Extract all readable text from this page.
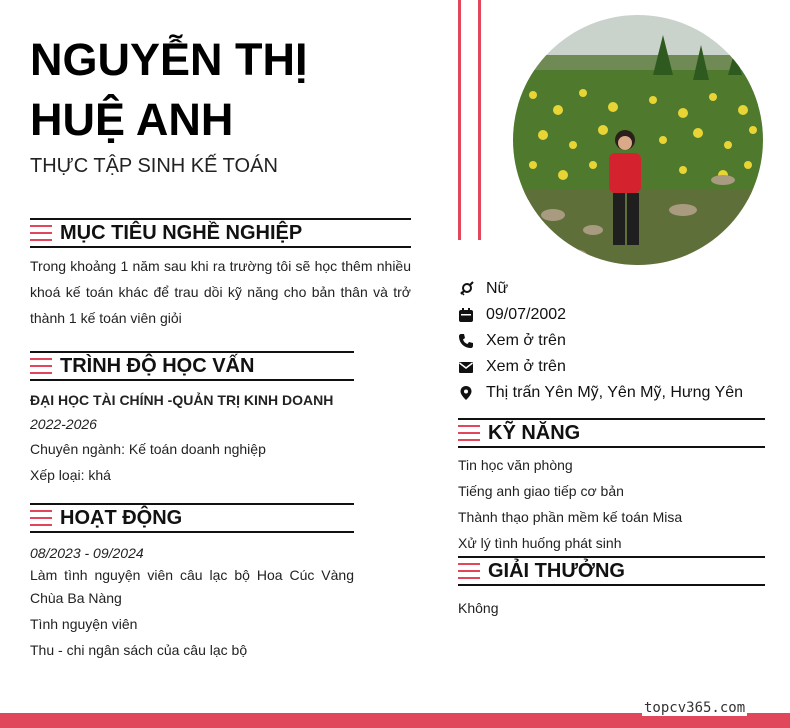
NGUYỄN THỊ
HUỆ ANH
THỰC TẬP SINH KẾ TOÁN
MỤC TIÊU NGHỀ NGHIỆP
Trong khoảng 1 năm sau khi ra trường tôi sẽ học thêm nhiều khoá kế toán khác để trau dồi kỹ năng cho bản thân và trở thành 1 kế toán viên giỏi
TRÌNH ĐỘ HỌC VẤN
ĐẠI HỌC TÀI CHÍNH -QUẢN TRỊ KINH DOANH
2022-2026
Chuyên ngành: Kế toán doanh nghiệp
Xếp loại: khá
HOẠT ĐỘNG
08/2023 - 09/2024
Làm tình nguyện viên câu lạc bộ Hoa Cúc Vàng Chùa Ba Nàng
Tình nguyện viên
Thu - chi ngân sách của câu lạc bộ
Nữ
09/07/2002
Xem ở trên
Xem ở trên
Thị trấn Yên Mỹ, Yên Mỹ, Hưng Yên
KỸ NĂNG
Tin học văn phòng
Tiếng anh giao tiếp cơ bản
Thành thạo phần mềm kế toán Misa
Xử lý tình huống phát sinh
GIẢI THƯỞNG
Không
topcv365.com
